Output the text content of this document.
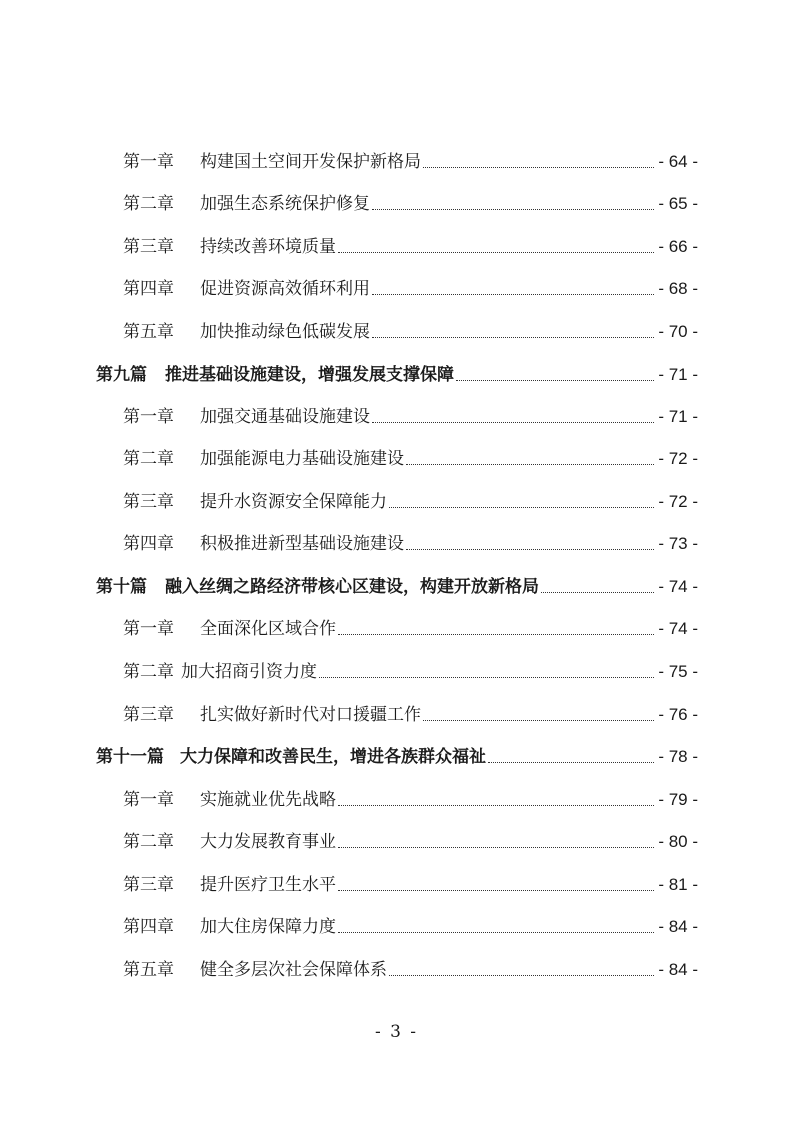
第一章 构建国土空间开发保护新格局	- 64 -
第二章 加强生态系统保护修复	- 65 -
第三章 持续改善环境质量	- 66 -
第四章 促进资源高效循环利用	- 68 -
第五章 加快推动绿色低碳发展	- 70 -
第九篇 推进基础设施建设，增强发展支撑保障	- 71 -
第一章 加强交通基础设施建设	- 71 -
第二章 加强能源电力基础设施建设	- 72 -
第三章 提升水资源安全保障能力	- 72 -
第四章 积极推进新型基础设施建设	- 73 -
第十篇 融入丝绸之路经济带核心区建设，构建开放新格局	- 74 -
第一章 全面深化区域合作	- 74 -
第二章 加大招商引资力度	- 75 -
第三章 扎实做好新时代对口援疆工作	- 76 -
第十一篇 大力保障和改善民生，增进各族群众福祉	- 78 -
第一章 实施就业优先战略	- 79 -
第二章 大力发展教育事业	- 80 -
第三章 提升医疗卫生水平	- 81 -
第四章 加大住房保障力度	- 84 -
第五章 健全多层次社会保障体系	- 84 -
- 3 -
